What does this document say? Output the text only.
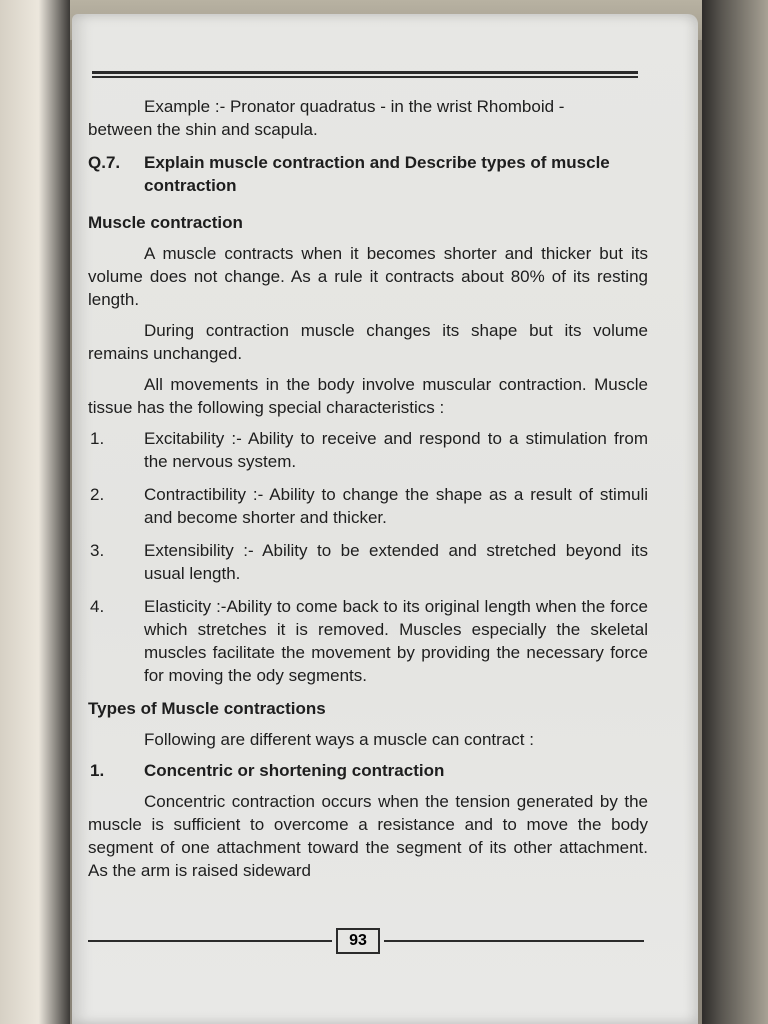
Example :- Pronator quadratus - in the wrist Rhomboid -

between the shin and scapula.

Q.7.	Explain muscle contraction and Describe types of muscle contraction

Muscle contraction

A muscle contracts when it becomes shorter and thicker but its volume does not change. As a rule it contracts about 80% of its resting length.

During contraction muscle changes its shape but its volume remains unchanged.

All movements in the body involve muscular contraction. Muscle tissue has the following special characteristics :

1.	Excitability :- Ability to receive and respond to a stimulation from the nervous system.
2.	Contractibility :- Ability to change the shape as a result of stimuli and become shorter and thicker.
3.	Extensibility :- Ability to be extended and stretched beyond its usual length.
4.	Elasticity :-Ability to come back to its original length when the force which stretches it is removed. Muscles especially the skeletal muscles facilitate the movement by providing the necessary force for moving the ody segments.

Types of Muscle contractions

Following are different ways a muscle can contract :

1.	Concentric or shortening contraction

Concentric contraction occurs when the tension generated by the muscle is sufficient to overcome a resistance and to move the body segment of one attachment toward the segment of its other attachment. As the arm is raised sideward

93
